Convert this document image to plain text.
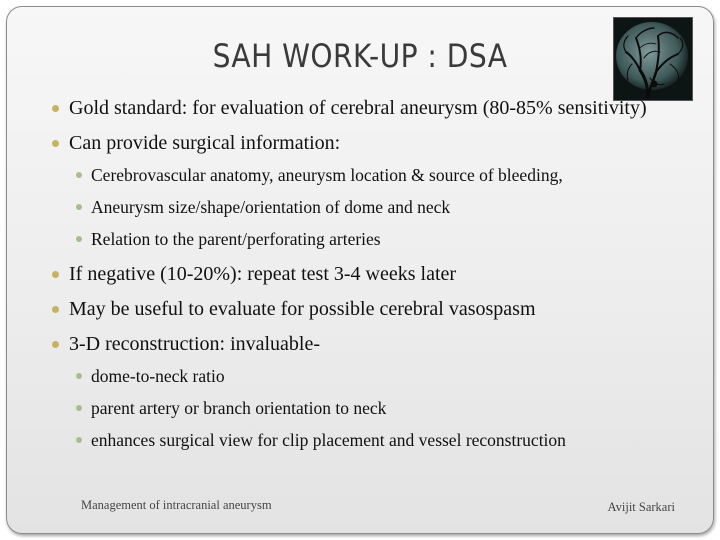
SAH WORK-UP : DSA
Gold standard: for evaluation of cerebral aneurysm (80-85% sensitivity)
Can provide surgical information:
Cerebrovascular anatomy, aneurysm location & source of bleeding,
Aneurysm size/shape/orientation of dome and neck
Relation to the parent/perforating arteries
If negative (10-20%): repeat test 3-4 weeks later
May be useful to evaluate for possible cerebral vasospasm
3-D reconstruction: invaluable-
dome-to-neck ratio
parent artery or branch orientation to neck
enhances surgical view for clip placement and vessel reconstruction
Management of intracranial aneurysm	Avijit Sarkari
